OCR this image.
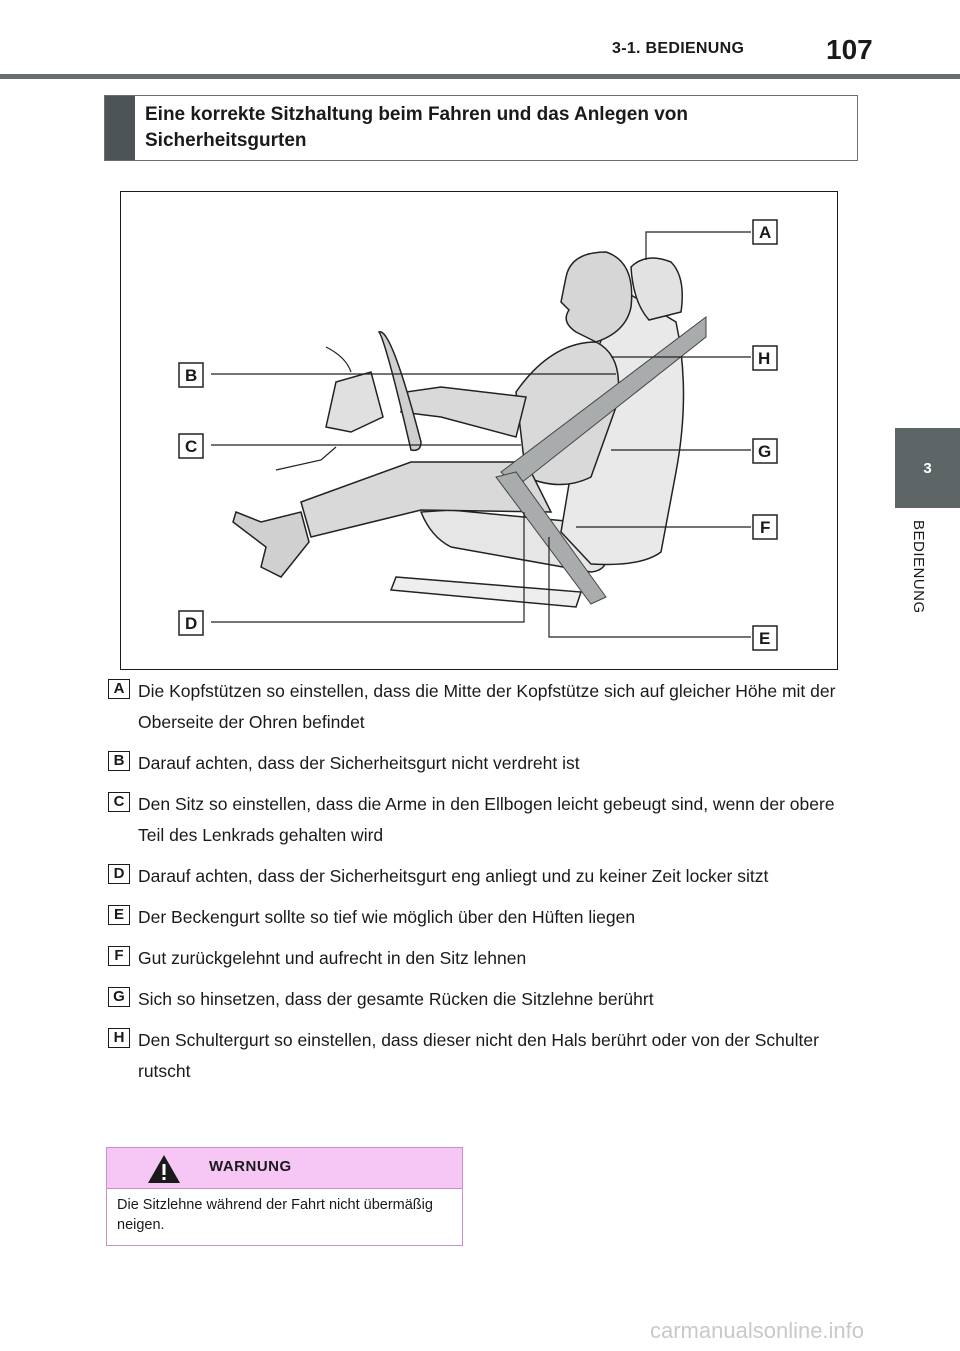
3-1. BEDIENUNG	107
3
BEDIENUNG
Eine korrekte Sitzhaltung beim Fahren und das Anlegen von Sicherheitsgurten
A
B
C
D
E
F
G
H
A Die Kopfstützen so einstellen, dass die Mitte der Kopfstütze sich auf gleicher Höhe mit der Oberseite der Ohren befindet
B Darauf achten, dass der Sicherheitsgurt nicht verdreht ist
C Den Sitz so einstellen, dass die Arme in den Ellbogen leicht gebeugt sind, wenn der obere Teil des Lenkrads gehalten wird
D Darauf achten, dass der Sicherheitsgurt eng anliegt und zu keiner Zeit locker sitzt
E Der Beckengurt sollte so tief wie möglich über den Hüften liegen
F Gut zurückgelehnt und aufrecht in den Sitz lehnen
G Sich so hinsetzen, dass der gesamte Rücken die Sitzlehne berührt
H Den Schultergurt so einstellen, dass dieser nicht den Hals berührt oder von der Schulter rutscht
WARNUNG
Die Sitzlehne während der Fahrt nicht übermäßig neigen.
carmanualsonline.info
